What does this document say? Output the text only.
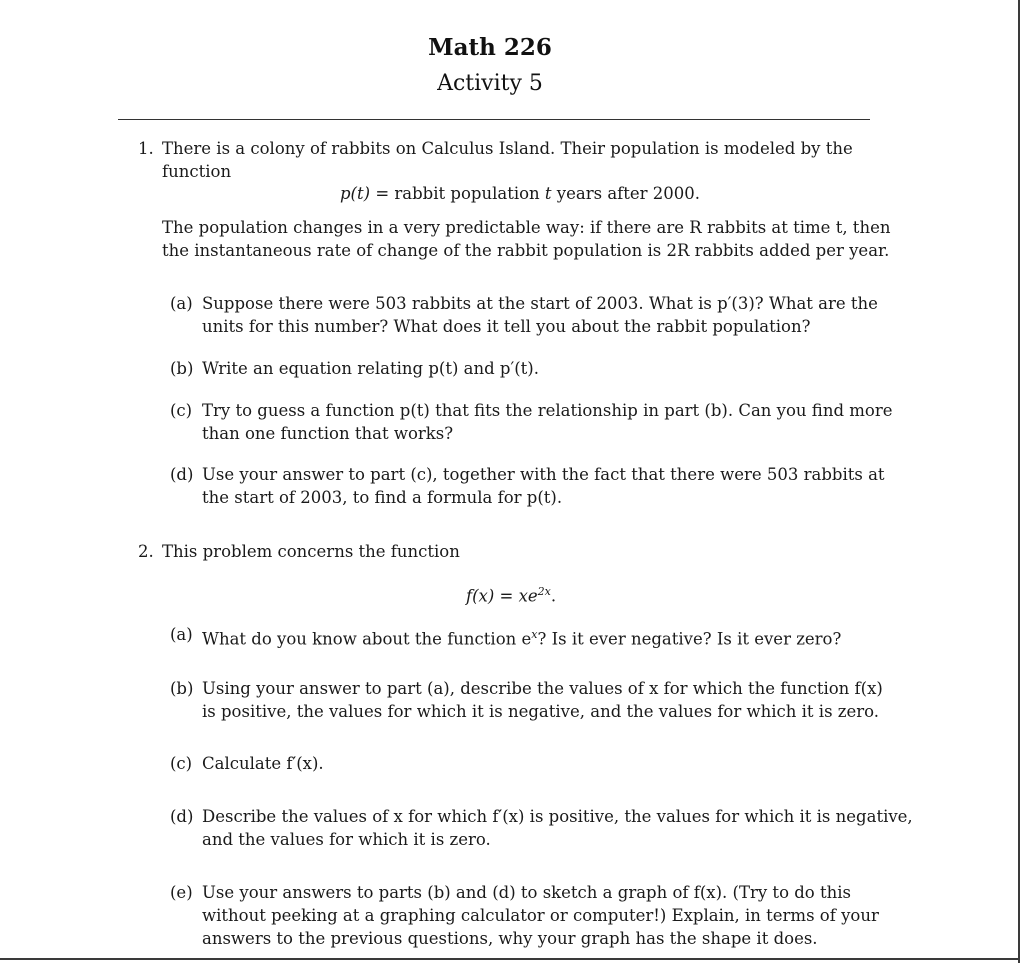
Math 226
Activity 5
1. There is a colony of rabbits on Calculus Island. Their population is modeled by the
function
p(t) = rabbit population t years after 2000.
The population changes in a very predictable way: if there are R rabbits at time t, then
the instantaneous rate of change of the rabbit population is 2R rabbits added per year.
(a) Suppose there were 503 rabbits at the start of 2003. What is p′(3)? What are the
units for this number? What does it tell you about the rabbit population?
(b) Write an equation relating p(t) and p′(t).
(c) Try to guess a function p(t) that fits the relationship in part (b). Can you find more
than one function that works?
(d) Use your answer to part (c), together with the fact that there were 503 rabbits at
the start of 2003, to find a formula for p(t).
2. This problem concerns the function
$f(x) = xe^{2x}$.
(a) What do you know about the function $e^x$? Is it ever negative? Is it ever zero?
(b) Using your answer to part (a), describe the values of x for which the function f(x)
is positive, the values for which it is negative, and the values for which it is zero.
(c) Calculate f′(x).
(d) Describe the values of x for which f′(x) is positive, the values for which it is negative,
and the values for which it is zero.
(e) Use your answers to parts (b) and (d) to sketch a graph of f(x). (Try to do this
without peeking at a graphing calculator or computer!) Explain, in terms of your
answers to the previous questions, why your graph has the shape it does.
